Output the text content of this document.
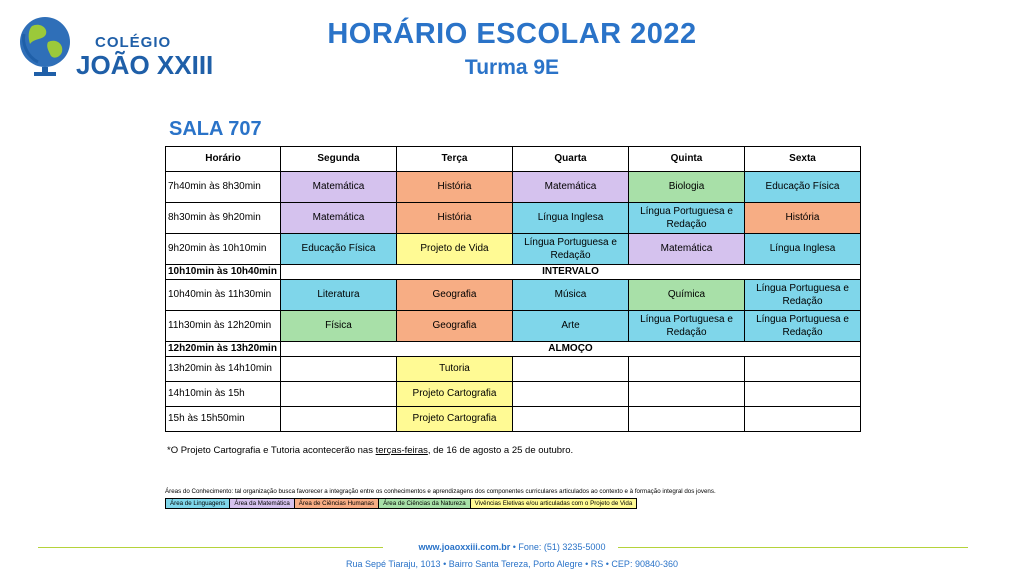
COLÉGIO
JOÃO XXIII
HORÁRIO ESCOLAR 2022
Turma 9E
SALA 707
Horário	Segunda	Terça	Quarta	Quinta	Sexta
7h40min às 8h30min	Matemática	História	Matemática	Biologia	Educação Física
8h30min às 9h20min	Matemática	História	Língua Inglesa	Língua Portuguesa e Redação	História
9h20min às 10h10min	Educação Física	Projeto de Vida	Língua Portuguesa e Redação	Matemática	Língua Inglesa
10h10min às 10h40min	INTERVALO				
10h40min às 11h30min	Literatura	Geografia	Música	Química	Língua Portuguesa e Redação
11h30min às 12h20min	Física	Geografia	Arte	Língua Portuguesa e Redação	Língua Portuguesa e Redação
12h20min às 13h20min	ALMOÇO				
13h20min às 14h10min		Tutoria			
14h10min às 15h		Projeto Cartografia			
15h às 15h50min		Projeto Cartografia			
*O Projeto Cartografia e Tutoria acontecerão nas terças-feiras, de 16 de agosto a 25 de outubro.
Áreas do Conhecimento: tal organização busca favorecer a integração entre os conhecimentos e aprendizagens dos componentes curriculares articulados ao contexto e à formação integral dos jovens.
Área de Linguagens	Área da Matemática	Área de Ciências Humanas	Área de Ciências da Natureza	Vivências Eletivas e/ou articuladas com o Projeto de Vida
www.joaoxxiii.com.br • Fone: (51) 3235-5000
Rua Sepé Tiaraju, 1013 • Bairro Santa Tereza, Porto Alegre • RS • CEP: 90840-360
